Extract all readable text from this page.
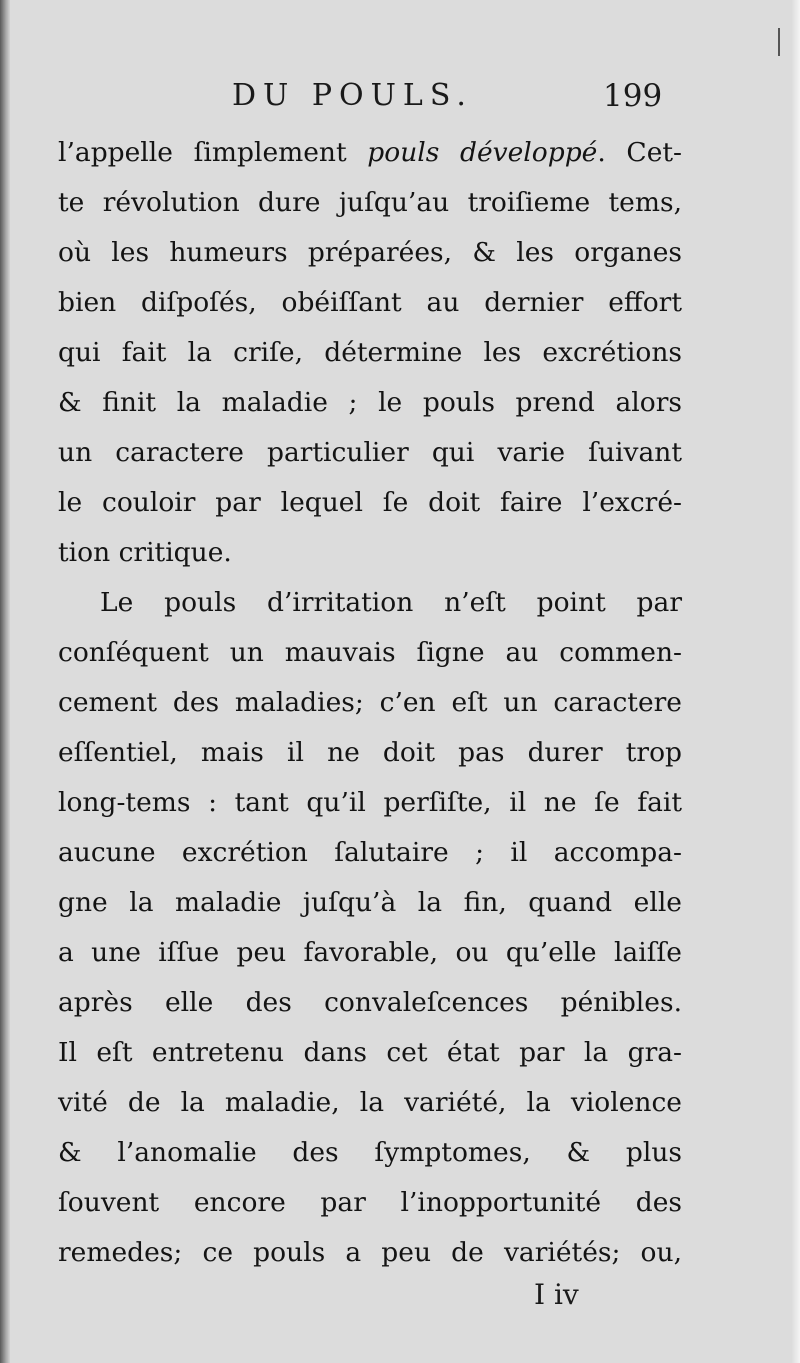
DU POULS.	199
l’appelle ſimplement pouls développé. Cet-
te révolution dure juſqu’au troiſieme tems,
où les humeurs préparées, & les organes
bien diſpoſés, obéiſſant au dernier effort
qui fait la criſe, détermine les excrétions
& finit la maladie ; le pouls prend alors
un caractere particulier qui varie ſuivant
le couloir par lequel ſe doit faire l’excré-
tion critique.
Le pouls d’irritation n’eſt point par
conſéquent un mauvais ſigne au commen-
cement des maladies; c’en eſt un caractere
eſſentiel, mais il ne doit pas durer trop
long-tems : tant qu’il perſiſte, il ne ſe fait
aucune excrétion ſalutaire ; il accompa-
gne la maladie juſqu’à la fin, quand elle
a une iſſue peu favorable, ou qu’elle laiſſe
après elle des convaleſcences pénibles.
Il eſt entretenu dans cet état par la gra-
vité de la maladie, la variété, la violence
& l’anomalie des ſymptomes, & plus
ſouvent encore par l’inopportunité des
remedes; ce pouls a peu de variétés; ou,
I iv
